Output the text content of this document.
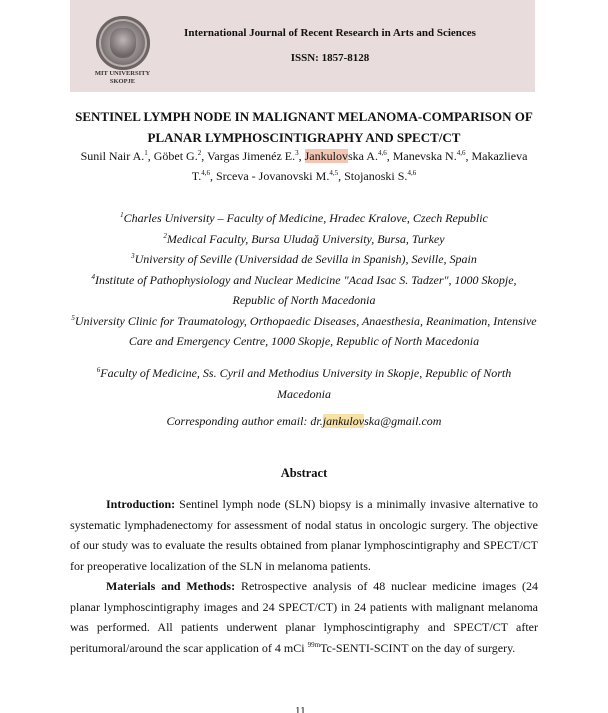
MIT UNIVERSITY
SKOPJE
International Journal of Recent Research in Arts and Sciences
ISSN: 1857-8128
SENTINEL LYMPH NODE IN MALIGNANT MELANOMA-COMPARISON OF
PLANAR LYMPHOSCINTIGRAPHY AND SPECT/CT
Sunil Nair A.$^1$, Göbet G.$^2$, Vargas Jimenéz E.$^3$, Jankulovska A.$^{4,6}$, Manevska N.$^{4,6}$, Makazlieva
T.$^{4,6}$, Srceva - Jovanovski M.$^{4,5}$, Stojanoski S.$^{4,6}$
$^1$Charles University – Faculty of Medicine, Hradec Kralove, Czech Republic
$^2$Medical Faculty, Bursa Uludağ University, Bursa, Turkey
$^3$University of Seville (Universidad de Sevilla in Spanish), Seville, Spain
$^4$Institute of Pathophysiology and Nuclear Medicine "Acad Isac S. Tadzer", 1000 Skopje,
Republic of North Macedonia
$^5$University Clinic for Traumatology, Orthopaedic Diseases, Anaesthesia, Reanimation, Intensive
Care and Emergency Centre, 1000 Skopje, Republic of North Macedonia
$^6$Faculty of Medicine, Ss. Cyril and Methodius University in Skopje, Republic of North
Macedonia
Corresponding author email: dr.jankulovska@gmail.com
Abstract

Introduction: Sentinel lymph node (SLN) biopsy is a minimally invasive alternative to systematic lymphadenectomy for assessment of nodal status in oncologic surgery. The objective of our study was to evaluate the results obtained from planar lymphoscintigraphy and SPECT/CT for preoperative localization of the SLN in melanoma patients.

Materials and Methods: Retrospective analysis of 48 nuclear medicine images (24 planar lymphoscintigraphy images and 24 SPECT/CT) in 24 patients with malignant melanoma was performed. All patients underwent planar lymphoscintigraphy and SPECT/CT after peritumoral/around the scar application of 4 mCi $^{99m}$Tc-SENTI-SCINT on the day of surgery.

11
